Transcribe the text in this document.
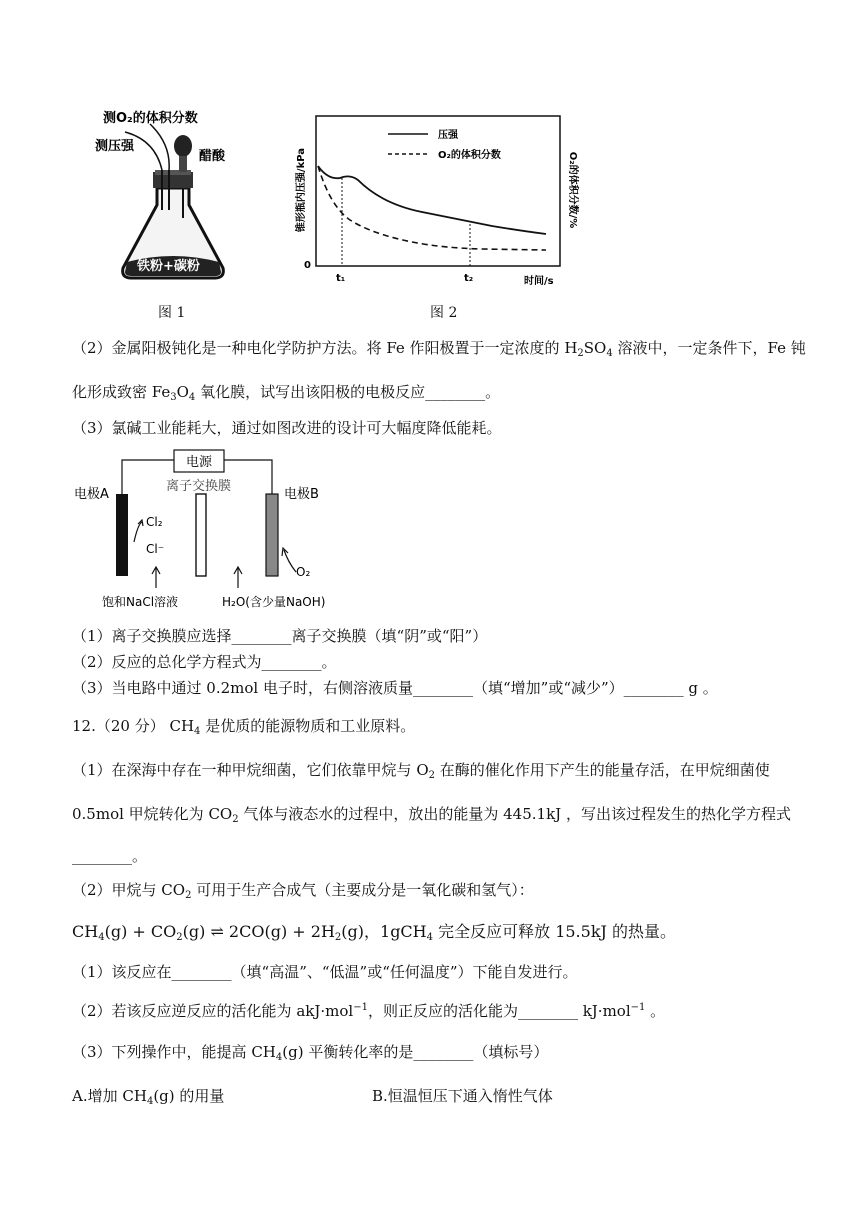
测O₂的体积分数
测压强
醋酸
铁粉+碳粉
图 1
锥形瓶内压强/kPa	O₂的体积分数/%
压强
O₂的体积分数
0
t₁	t₂	时间/s
图 2
（2）金属阳极钝化是一种电化学防护方法。将 Fe 作阳极置于一定浓度的 $H_2SO_4$ 溶液中，一定条件下，Fe 钝
化形成致密 $Fe_3O_4$ 氧化膜，试写出该阳极的电极反应________。
（3）氯碱工业能耗大，通过如图改进的设计可大幅度降低能耗。
电源
离子交换膜
电极A	电极B
Cl₂
Cl⁻
O₂
饱和NaCl溶液	H₂O(含少量NaOH)
（1）离子交换膜应选择________离子交换膜（填“阴”或“阳”）
（2）反应的总化学方程式为________。
（3）当电路中通过 0.2mol 电子时，右侧溶液质量________（填“增加”或“减少”）________ g 。
12.（20 分） $CH_4$ 是优质的能源物质和工业原料。
（1）在深海中存在一种甲烷细菌，它们依靠甲烷与 $O_2$ 在酶的催化作用下产生的能量存活，在甲烷细菌使
0.5mol 甲烷转化为 $CO_2$ 气体与液态水的过程中，放出的能量为 445.1kJ ，写出该过程发生的热化学方程式
________。
（2）甲烷与 $CO_2$ 可用于生产合成气（主要成分是一氧化碳和氢气）：
$CH_4(g) + CO_2(g)$ ⇌ $2CO(g) + 2H_2(g)$，1gCH$_4$ 完全反应可释放 15.5kJ 的热量。
（1）该反应在________（填“高温”、“低温”或“任何温度”）下能自发进行。
（2）若该反应逆反应的活化能为 akJ·mol$^{-1}$，则正反应的活化能为________ kJ·mol$^{-1}$ 。
（3）下列操作中，能提高 $CH_4(g)$ 平衡转化率的是________（填标号）
A.增加 $CH_4(g)$ 的用量	B.恒温恒压下通入惰性气体
